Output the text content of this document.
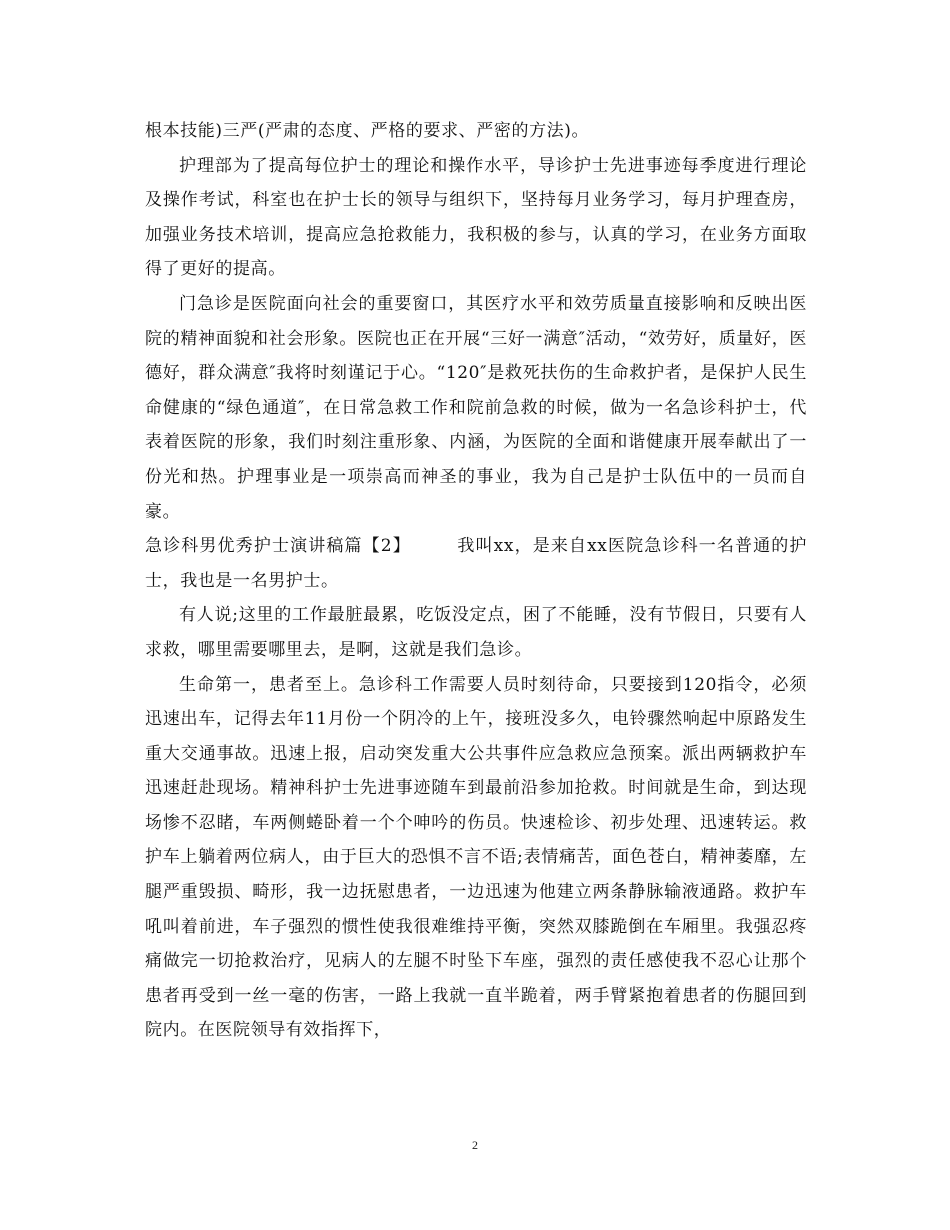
根本技能)三严(严肃的态度、严格的要求、严密的方法)。

护理部为了提高每位护士的理论和操作水平，导诊护士先进事迹每季度进行理论及操作考试，科室也在护士长的领导与组织下，坚持每月业务学习，每月护理查房，加强业务技术培训，提高应急抢救能力，我积极的参与，认真的学习，在业务方面取得了更好的提高。

门急诊是医院面向社会的重要窗口，其医疗水平和效劳质量直接影响和反映出医院的精神面貌和社会形象。医院也正在开展“三好一满意″活动，“效劳好，质量好，医德好，群众满意″我将时刻谨记于心。“120″是救死扶伤的生命救护者，是保护人民生命健康的“绿色通道″，在日常急救工作和院前急救的时候，做为一名急诊科护士，代表着医院的形象，我们时刻注重形象、内涵，为医院的全面和谐健康开展奉献出了一份光和热。护理事业是一项崇高而神圣的事业，我为自己是护士队伍中的一员而自豪。

急诊科男优秀护士演讲稿篇【2】	我叫xx，是来自xx医院急诊科一名普通的护士，我也是一名男护士。

有人说;这里的工作最脏最累，吃饭没定点，困了不能睡，没有节假日，只要有人求救，哪里需要哪里去，是啊，这就是我们急诊。

生命第一，患者至上。急诊科工作需要人员时刻待命，只要接到120指令，必须迅速出车，记得去年11月份一个阴冷的上午，接班没多久，电铃骤然响起中原路发生重大交通事故。迅速上报，启动突发重大公共事件应急救应急预案。派出两辆救护车迅速赶赴现场。精神科护士先进事迹随车到最前沿参加抢救。时间就是生命，到达现场惨不忍睹，车两侧蜷卧着一个个呻吟的伤员。快速检诊、初步处理、迅速转运。救护车上躺着两位病人，由于巨大的恐惧不言不语;表情痛苦，面色苍白，精神萎靡，左腿严重毁损、畸形，我一边抚慰患者，一边迅速为他建立两条静脉输液通路。救护车吼叫着前进，车子强烈的惯性使我很难维持平衡，突然双膝跪倒在车厢里。我强忍疼痛做完一切抢救治疗，见病人的左腿不时坠下车座，强烈的责任感使我不忍心让那个患者再受到一丝一毫的伤害，一路上我就一直半跪着，两手臂紧抱着患者的伤腿回到院内。在医院领导有效指挥下，

2
